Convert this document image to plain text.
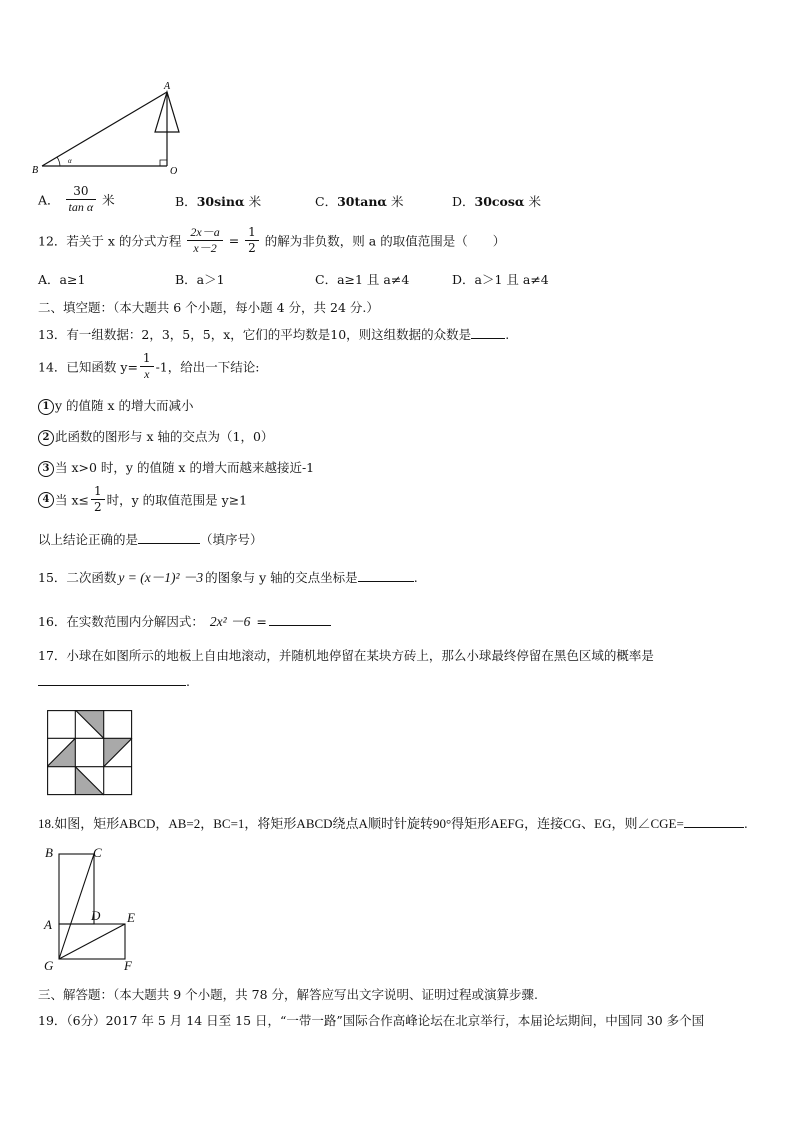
A
B	O
α
A． $\frac{30}{\text{tan α}}$ 米	B．30sinα 米	C．30tanα 米	D．30cosα 米
12．若关于 x 的分式方程 $\frac{2x-a}{x-2} = \frac{1}{2}$ 的解为非负数，则 a 的取值范围是（　　）
A．a≥1	B．a＞1	C．a≥1 且 a≠4	D．a＞1 且 a≠4
二、填空题：（本大题共 6 个小题，每小题 4 分，共 24 分.）
13．有一组数据：2，3，5，5，x，它们的平均数是10，则这组数据的众数是	.
14．已知函数 $y= \frac{1}{x} -1$，给出一下结论:
1 y 的值随 x 的增大而减小
2 此函数的图形与 x 轴的交点为（1，0）
3 当 x>0 时，y 的值随 x 的增大而越来越接近-1
4 当 $x\le \frac{1}{2}$ 时，y 的取值范围是 y≥1
以上结论正确的是	（填序号）
15．二次函数 y = (x－1)² －3 的图象与 y 轴的交点坐标是	.
16．在实数范围内分解因式： 2x² －6 =
17．小球在如图所示的地板上自由地滚动，并随机地停留在某块方砖上，那么小球最终停留在黑色区域的概率是
.
18.如图，矩形ABCD，AB=2，BC=1，将矩形ABCD绕点A顺时针旋转90°得矩形AEFG，连接CG、EG，则∠CGE=	.
B	C
A
D E
G	F
三、解答题：（本大题共 9 个小题，共 78 分，解答应写出文字说明、证明过程或演算步骤.
19．（6分）2017 年 5 月 14 日至 15 日，“一带一路”国际合作高峰论坛在北京举行，本届论坛期间，中国同 30 多个国
